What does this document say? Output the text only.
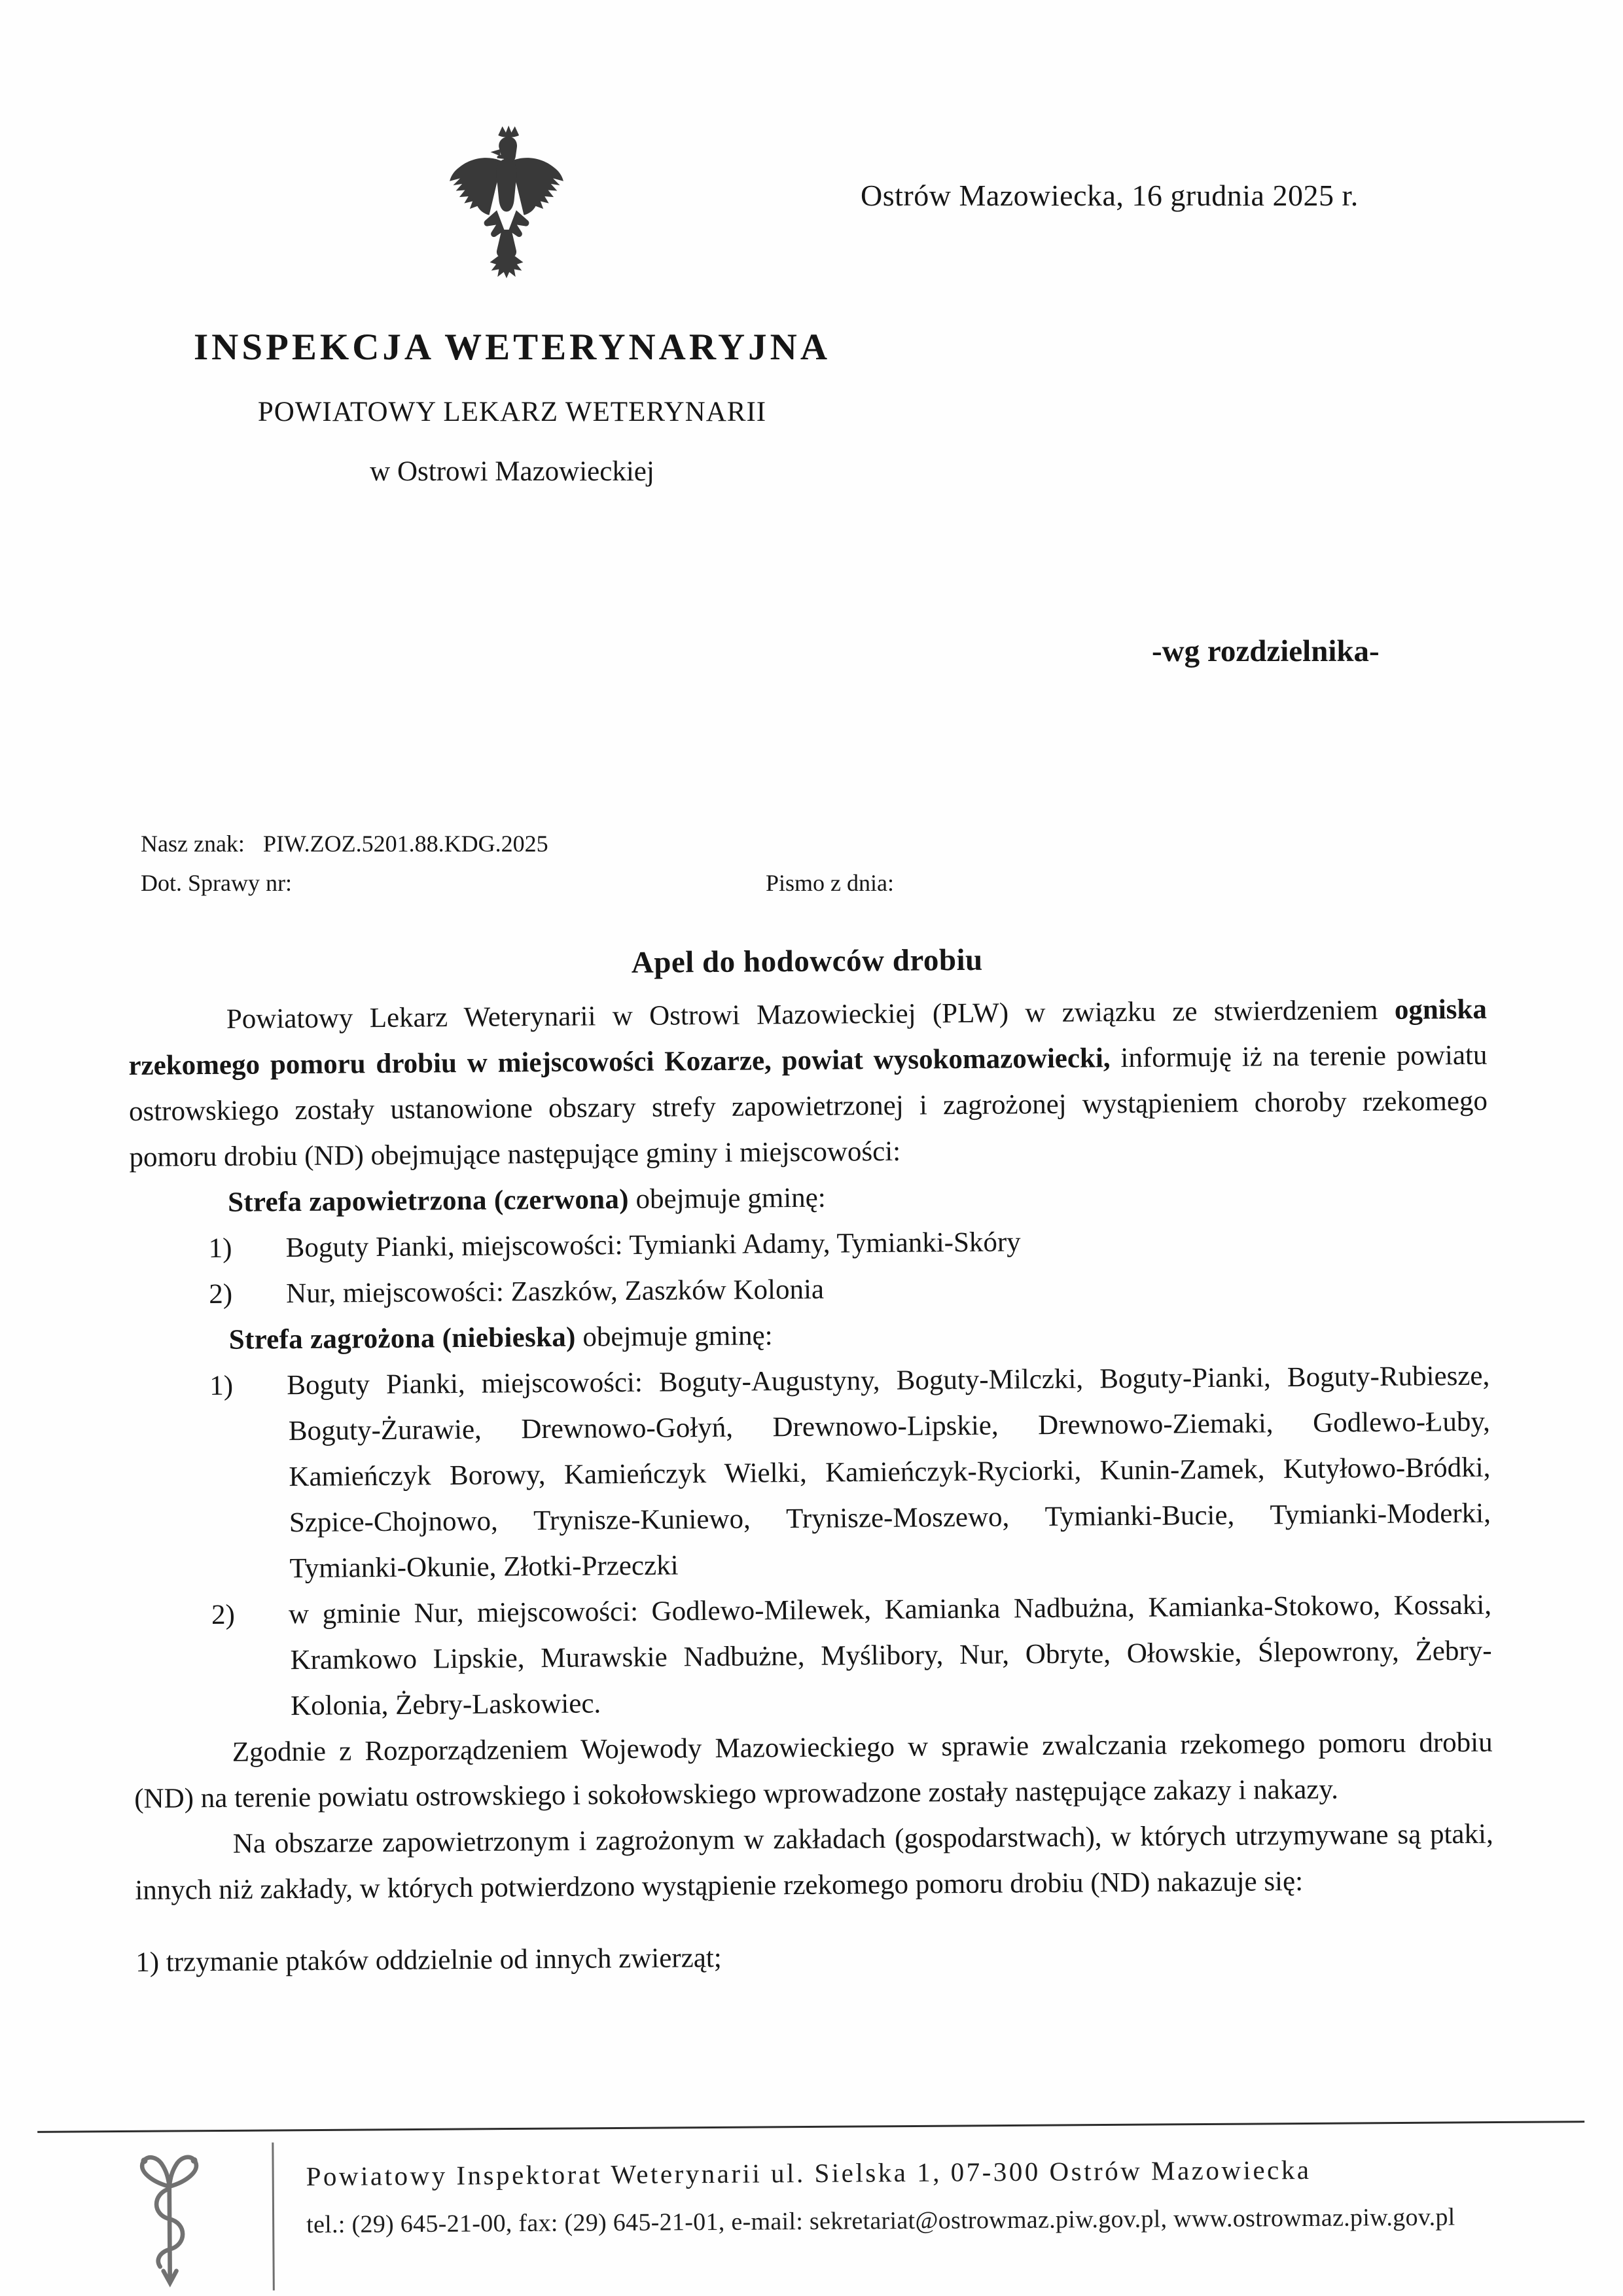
Ostrów Mazowiecka, 16 grudnia 2025 r.
INSPEKCJA WETERYNARYJNA
POWIATOWY LEKARZ WETERYNARII
w Ostrowi Mazowieckiej
-wg rozdzielnika-
Nasz znak: PIW.ZOZ.5201.88.KDG.2025
Dot. Sprawy nr:	Pismo z dnia:
Apel do hodowców drobiu

Powiatowy Lekarz Weterynarii w Ostrowi Mazowieckiej (PLW) w związku ze stwierdzeniem ogniska rzekomego pomoru drobiu w miejscowości Kozarze, powiat wysokomazowiecki, informuję iż na terenie powiatu ostrowskiego zostały ustanowione obszary strefy zapowietrzonej i zagrożonej wystąpieniem choroby rzekomego pomoru drobiu (ND) obejmujące następujące gminy i miejscowości:

Strefa zapowietrzona (czerwona) obejmuje gminę:

1) Boguty Pianki, miejscowości: Tymianki Adamy, Tymianki-Skóry
2) Nur, miejscowości: Zaszków, Zaszków Kolonia

Strefa zagrożona (niebieska) obejmuje gminę:

1) Boguty Pianki, miejscowości: Boguty-Augustyny, Boguty-Milczki, Boguty-Pianki, Boguty-Rubiesze, Boguty-Żurawie, Drewnowo-Gołyń, Drewnowo-Lipskie, Drewnowo-Ziemaki, Godlewo-Łuby, Kamieńczyk Borowy, Kamieńczyk Wielki, Kamieńczyk-Ryciorki, Kunin-Zamek, Kutyłowo-Bródki, Szpice-Chojnowo, Trynisze-Kuniewo, Trynisze-Moszewo, Tymianki-Bucie, Tymianki-Moderki, Tymianki-Okunie, Złotki-Przeczki
2) w gminie Nur, miejscowości: Godlewo-Milewek, Kamianka Nadbużna, Kamianka-Stokowo, Kossaki, Kramkowo Lipskie, Murawskie Nadbużne, Myślibory, Nur, Obryte, Ołowskie, Ślepowrony, Żebry-Kolonia, Żebry-Laskowiec.

Zgodnie z Rozporządzeniem Wojewody Mazowieckiego w sprawie zwalczania rzekomego pomoru drobiu (ND) na terenie powiatu ostrowskiego i sokołowskiego wprowadzone zostały następujące zakazy i nakazy.

Na obszarze zapowietrzonym i zagrożonym w zakładach (gospodarstwach), w których utrzymywane są ptaki, innych niż zakłady, w których potwierdzono wystąpienie rzekomego pomoru drobiu (ND) nakazuje się:

1) trzymanie ptaków oddzielnie od innych zwierząt;

Powiatowy Inspektorat Weterynarii ul. Sielska 1, 07-300 Ostrów Mazowiecka
tel.: (29) 645-21-00, fax: (29) 645-21-01, e-mail: sekretariat@ostrowmaz.piw.gov.pl, www.ostrowmaz.piw.gov.pl
